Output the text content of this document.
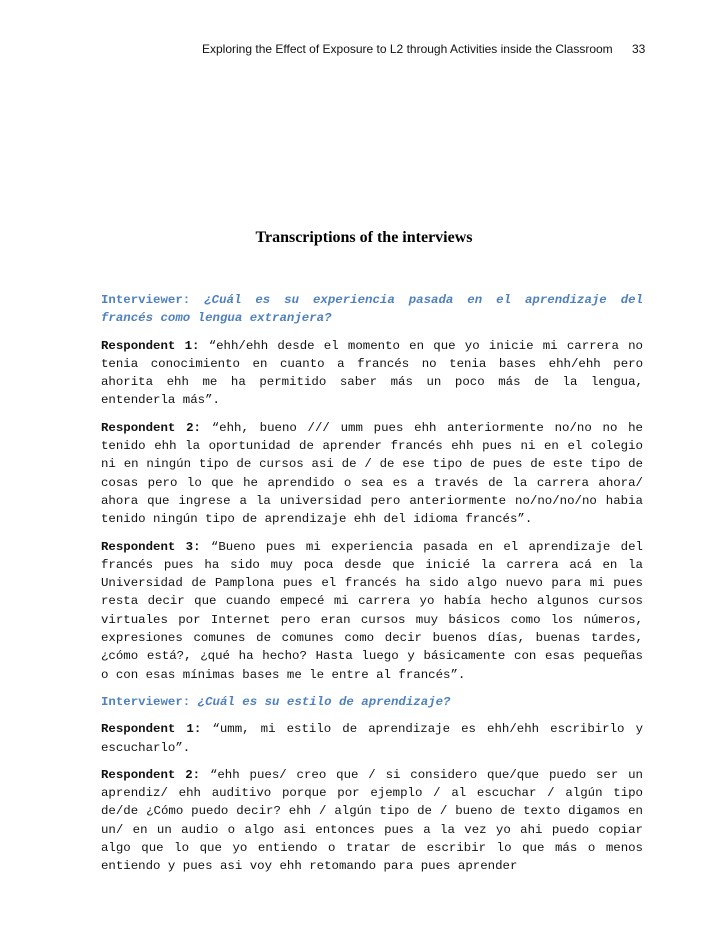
Exploring the Effect of Exposure to L2 through Activities inside the Classroom 33
Transcriptions of the interviews

Interviewer: ¿Cuál es su experiencia pasada en el aprendizaje del francés como lengua extranjera?

Respondent 1: “ehh/ehh desde el momento en que yo inicie mi carrera no tenia conocimiento en cuanto a francés no tenia bases ehh/ehh pero ahorita ehh me ha permitido saber más un poco más de la lengua, entenderla más”.

Respondent 2: “ehh, bueno /// umm pues ehh anteriormente no/no no he tenido ehh la oportunidad de aprender francés ehh pues ni en el colegio ni en ningún tipo de cursos asi de / de ese tipo de pues de este tipo de cosas pero lo que he aprendido o sea es a través de la carrera ahora/ ahora que ingrese a la universidad pero anteriormente no/no/no/no habia tenido ningún tipo de aprendizaje ehh del idioma francés”.

Respondent 3: “Bueno pues mi experiencia pasada en el aprendizaje del francés pues ha sido muy poca desde que inicié la carrera acá en la Universidad de Pamplona pues el francés ha sido algo nuevo para mi pues resta decir que cuando empecé mi carrera yo había hecho algunos cursos virtuales por Internet pero eran cursos muy básicos como los números, expresiones comunes de comunes como decir buenos días, buenas tardes, ¿cómo está?, ¿qué ha hecho? Hasta luego y básicamente con esas pequeñas o con esas mínimas bases me le entre al francés”.

Interviewer: ¿Cuál es su estilo de aprendizaje?

Respondent 1: “umm, mi estilo de aprendizaje es ehh/ehh escribirlo y escucharlo”.

Respondent 2: “ehh pues/ creo que / si considero que/que puedo ser un aprendiz/ ehh auditivo porque por ejemplo / al escuchar / algún tipo de/de ¿Cómo puedo decir? ehh / algún tipo de / bueno de texto digamos en un/ en un audio o algo asi entonces pues a la vez yo ahi puedo copiar algo que lo que yo entiendo o tratar de escribir lo que más o menos entiendo y pues asi voy ehh retomando para pues aprender
